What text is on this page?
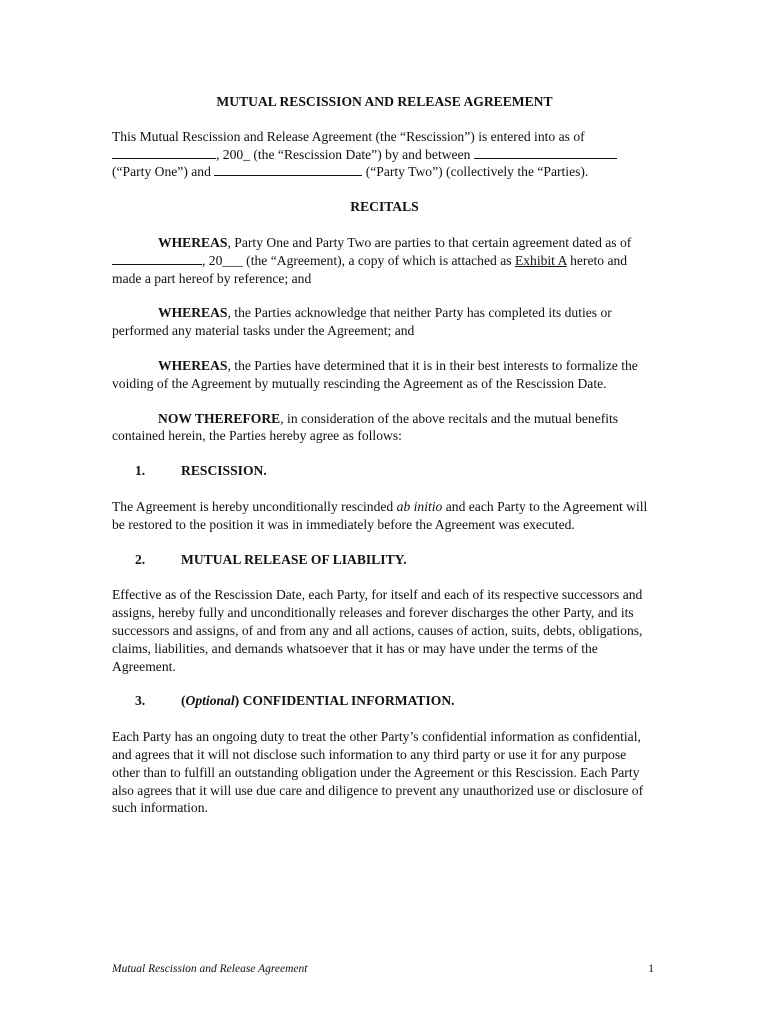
MUTUAL RESCISSION AND RELEASE AGREEMENT

This Mutual Rescission and Release Agreement (the “Rescission”) is entered into as of , 200_ (the “Rescission Date”) by and between  (“Party One”) and	(“Party Two”) (collectively the “Parties).

RECITALS

WHEREAS, Party One and Party Two are parties to that certain agreement dated as of , 20___ (the “Agreement), a copy of which is attached as Exhibit A hereto and made a part hereof by reference; and

WHEREAS, the Parties acknowledge that neither Party has completed its duties or performed any material tasks under the Agreement; and

WHEREAS, the Parties have determined that it is in their best interests to formalize the voiding of the Agreement by mutually rescinding the Agreement as of the Rescission Date.

NOW THEREFORE, in consideration of the above recitals and the mutual benefits contained herein, the Parties hereby agree as follows:

1.	RESCISSION.

The Agreement is hereby unconditionally rescinded ab initio and each Party to the Agreement will be restored to the position it was in immediately before the Agreement was executed.

2.	MUTUAL RELEASE OF LIABILITY.

Effective as of the Rescission Date, each Party, for itself and each of its respective successors and assigns, hereby fully and unconditionally releases and forever discharges the other Party, and its successors and assigns, of and from any and all actions, causes of action, suits, debts, obligations, claims, liabilities, and demands whatsoever that it has or may have under the terms of the Agreement.

3.	(Optional) CONFIDENTIAL INFORMATION.

Each Party has an ongoing duty to treat the other Party’s confidential information as confidential, and agrees that it will not disclose such information to any third party or use it for any purpose other than to fulfill an outstanding obligation under the Agreement or this Rescission. Each Party also agrees that it will use due care and diligence to prevent any unauthorized use or disclosure of such information.

Mutual Rescission and Release Agreement	1
